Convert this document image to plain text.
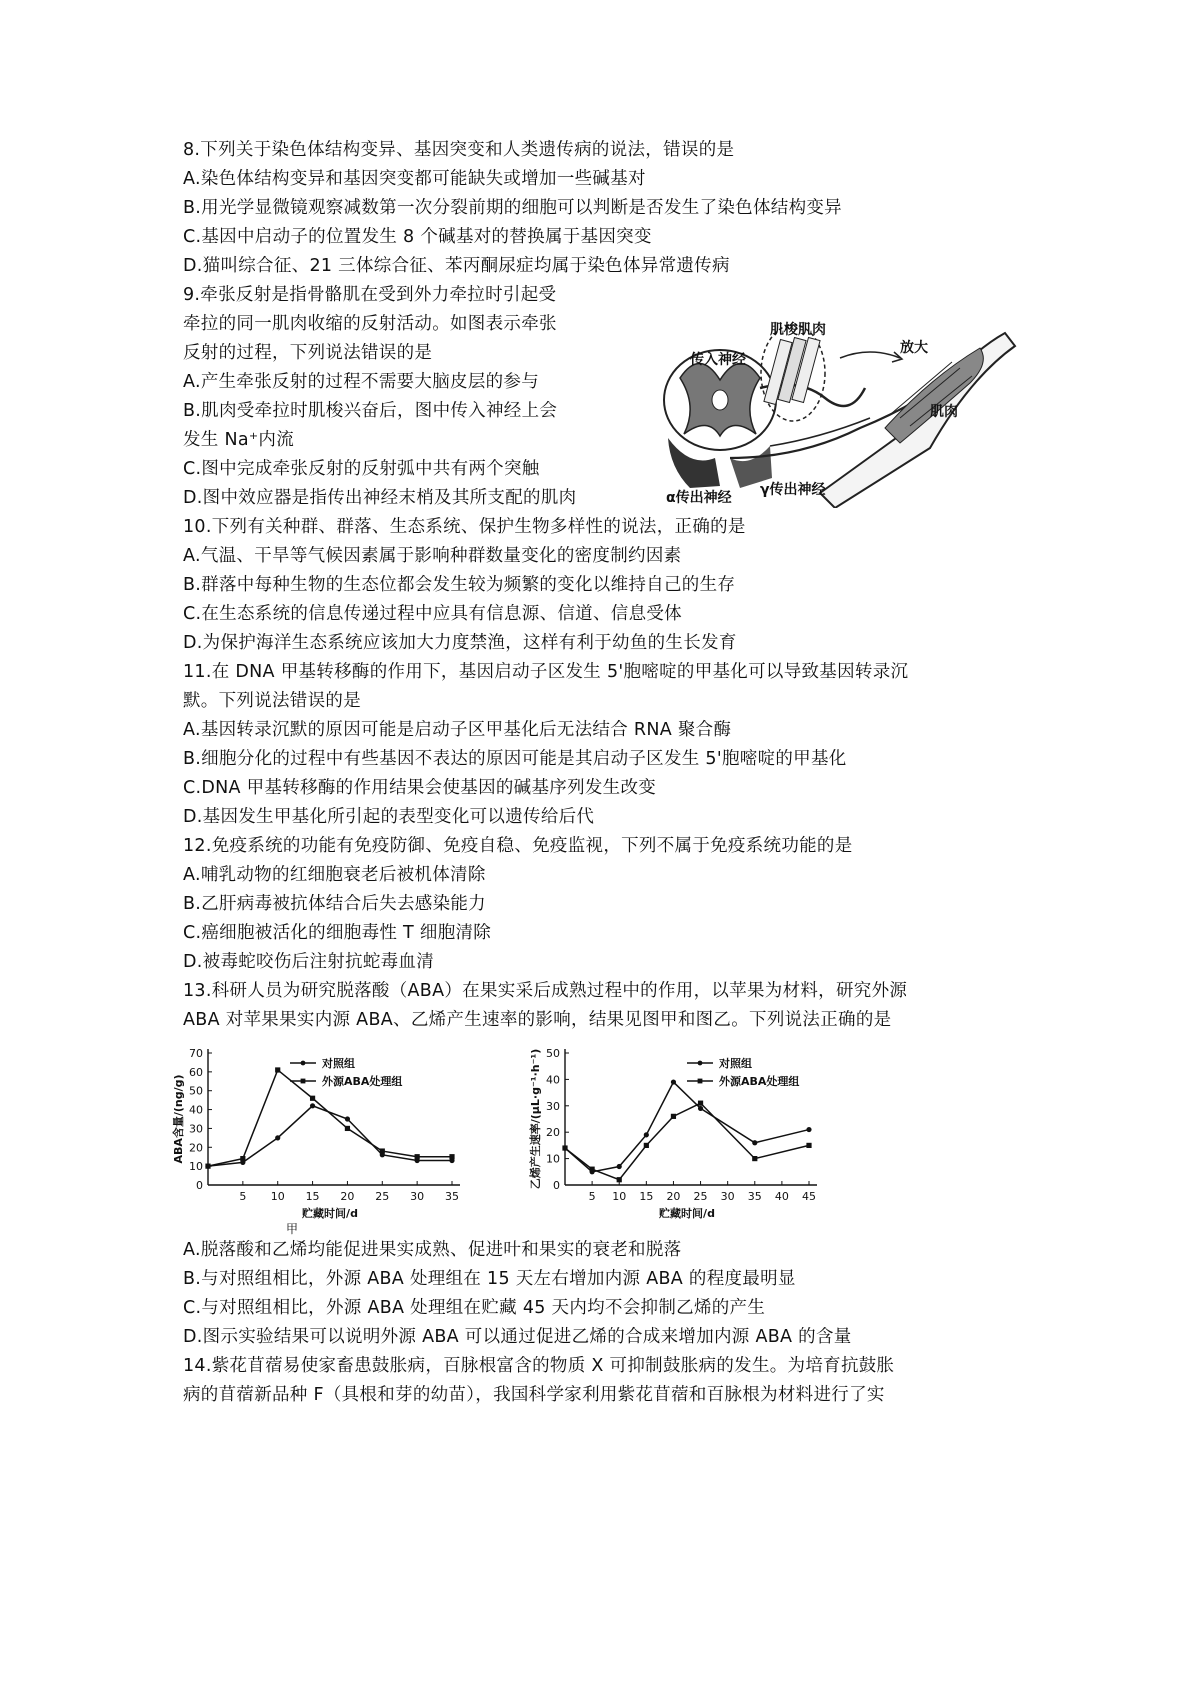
8.下列关于染色体结构变异、基因突变和人类遗传病的说法，错误的是
A.染色体结构变异和基因突变都可能缺失或增加一些碱基对
B.用光学显微镜观察减数第一次分裂前期的细胞可以判断是否发生了染色体结构变异
C.基因中启动子的位置发生 8 个碱基对的替换属于基因突变
D.猫叫综合征、21 三体综合征、苯丙酮尿症均属于染色体异常遗传病
9.牵张反射是指骨骼肌在受到外力牵拉时引起受
牵拉的同一肌肉收缩的反射活动。如图表示牵张
反射的过程，下列说法错误的是
A.产生牵张反射的过程不需要大脑皮层的参与
B.肌肉受牵拉时肌梭兴奋后，图中传入神经上会
发生 Na⁺内流
C.图中完成牵张反射的反射弧中共有两个突触
D.图中效应器是指传出神经末梢及其所支配的肌肉
肌梭肌肉
放大
传入神经
肌肉
α传出神经 γ传出神经
10.下列有关种群、群落、生态系统、保护生物多样性的说法，正确的是
A.气温、干旱等气候因素属于影响种群数量变化的密度制约因素
B.群落中每种生物的生态位都会发生较为频繁的变化以维持自己的生存
C.在生态系统的信息传递过程中应具有信息源、信道、信息受体
D.为保护海洋生态系统应该加大力度禁渔，这样有利于幼鱼的生长发育
11.在 DNA 甲基转移酶的作用下，基因启动子区发生 5'胞嘧啶的甲基化可以导致基因转录沉
默。下列说法错误的是
A.基因转录沉默的原因可能是启动子区甲基化后无法结合 RNA 聚合酶
B.细胞分化的过程中有些基因不表达的原因可能是其启动子区发生 5'胞嘧啶的甲基化
C.DNA 甲基转移酶的作用结果会使基因的碱基序列发生改变
D.基因发生甲基化所引起的表型变化可以遗传给后代
12.免疫系统的功能有免疫防御、免疫自稳、免疫监视，下列不属于免疫系统功能的是
A.哺乳动物的红细胞衰老后被机体清除
B.乙肝病毒被抗体结合后失去感染能力
C.癌细胞被活化的细胞毒性 T 细胞清除
D.被毒蛇咬伤后注射抗蛇毒血清
13.科研人员为研究脱落酸（ABA）在果实采后成熟过程中的作用，以苹果为材料，研究外源
ABA 对苹果果实内源 ABA、乙烯产生速率的影响，结果见图甲和图乙。下列说法正确的是
0
10
20
30
40
50
60
70
5 10 15 20 25 30 35
贮藏时间/d
ABA含量/(ng/g)
甲
对照组
外源ABA处理组
0
10
20
30
40
50
5 10 15 20 25 30 35 40 45
贮藏时间/d
乙烯产生速率/(μL·g⁻¹·h⁻¹)	对照组
外源ABA处理组
A.脱落酸和乙烯均能促进果实成熟、促进叶和果实的衰老和脱落
B.与对照组相比，外源 ABA 处理组在 15 天左右增加内源 ABA 的程度最明显
C.与对照组相比，外源 ABA 处理组在贮藏 45 天内均不会抑制乙烯的产生
D.图示实验结果可以说明外源 ABA 可以通过促进乙烯的合成来增加内源 ABA 的含量
14.紫花苜蓿易使家畜患鼓胀病，百脉根富含的物质 X 可抑制鼓胀病的发生。为培育抗鼓胀
病的苜蓿新品种 F（具根和芽的幼苗），我国科学家利用紫花苜蓿和百脉根为材料进行了实
